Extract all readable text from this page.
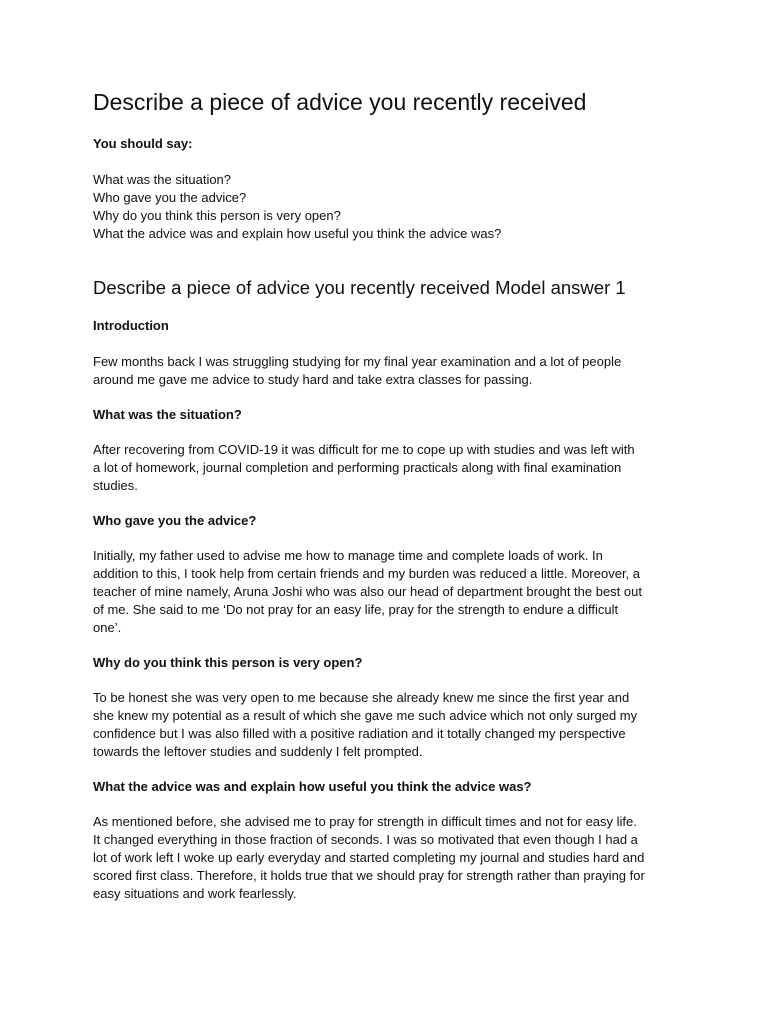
Describe a piece of advice you recently received

You should say:

What was the situation?
Who gave you the advice?
Why do you think this person is very open?
What the advice was and explain how useful you think the advice was?
Describe a piece of advice you recently received Model answer 1

Introduction

Few months back I was struggling studying for my final year examination and a lot of people
around me gave me advice to study hard and take extra classes for passing.

What was the situation?

After recovering from COVID-19 it was difficult for me to cope up with studies and was left with
a lot of homework, journal completion and performing practicals along with final examination
studies.

Who gave you the advice?

Initially, my father used to advise me how to manage time and complete loads of work. In
addition to this, I took help from certain friends and my burden was reduced a little. Moreover, a
teacher of mine namely, Aruna Joshi who was also our head of department brought the best out
of me. She said to me ‘Do not pray for an easy life, pray for the strength to endure a difficult
one’.

Why do you think this person is very open?

To be honest she was very open to me because she already knew me since the first year and
she knew my potential as a result of which she gave me such advice which not only surged my
confidence but I was also filled with a positive radiation and it totally changed my perspective
towards the leftover studies and suddenly I felt prompted.

What the advice was and explain how useful you think the advice was?

As mentioned before, she advised me to pray for strength in difficult times and not for easy life.
It changed everything in those fraction of seconds. I was so motivated that even though I had a
lot of work left I woke up early everyday and started completing my journal and studies hard and
scored first class. Therefore, it holds true that we should pray for strength rather than praying for
easy situations and work fearlessly.
